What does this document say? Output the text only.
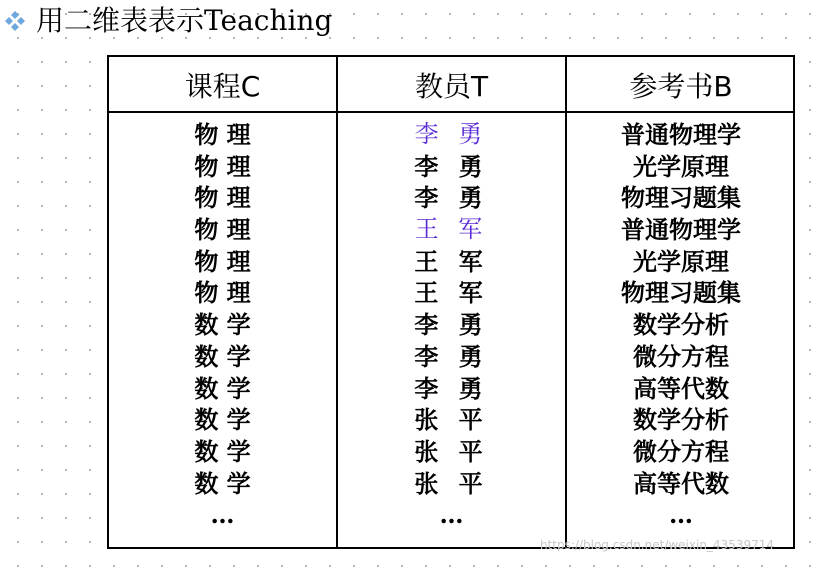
用二维表表示Teaching
课程C	教员T	参考书B
物 理
物 理
物 理
物 理
物 理
物 理
数 学
数 学
数 学
数 学
数 学
数 学
…
李 勇
李 勇
李 勇
王 军
王 军
王 军
李 勇
李 勇
李 勇
张 平
张 平
张 平
…
普通物理学
光学原理
物理习题集
普通物理学
光学原理
物理习题集
数学分析
微分方程
高等代数
数学分析
微分方程
高等代数
…
https://blog.csdn.net/weixin_43539714
